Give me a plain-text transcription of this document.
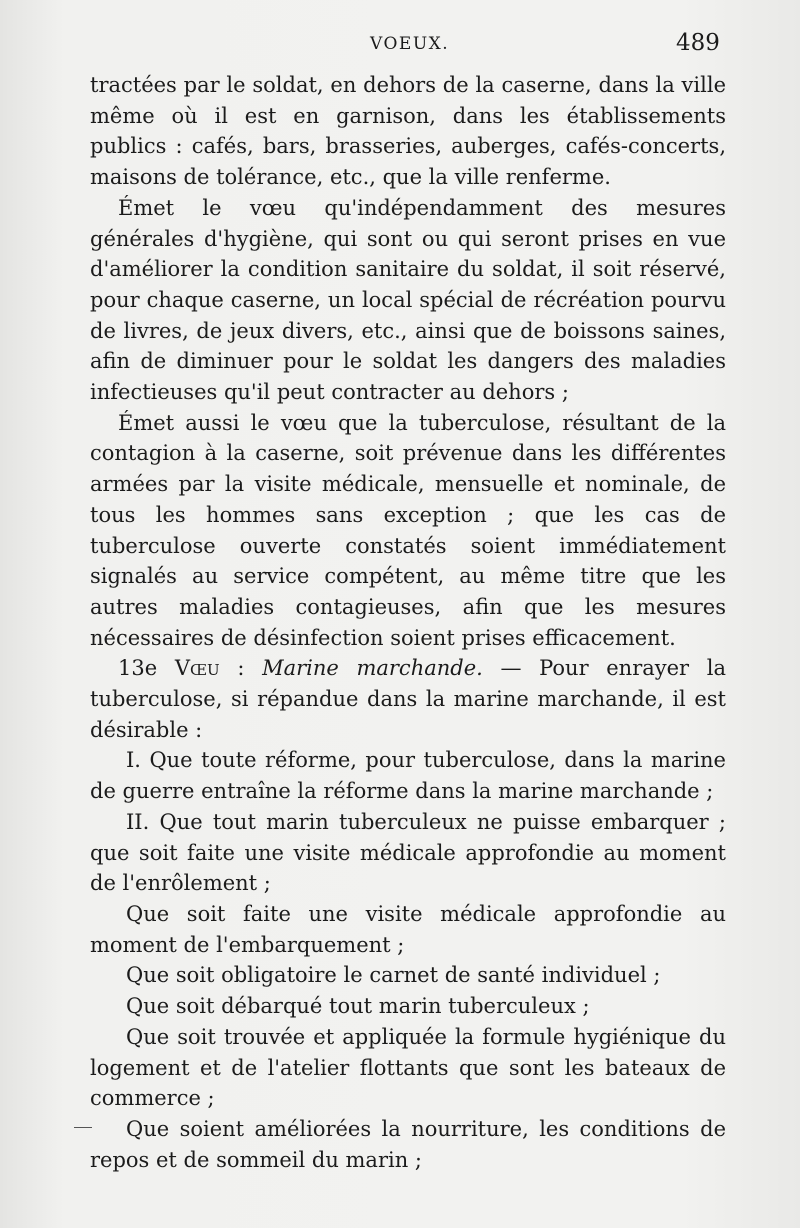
VOEUX.	489

tractées par le soldat, en dehors de la caserne, dans la ville même où il est en garnison, dans les établissements publics : cafés, bars, brasseries, auberges, cafés-concerts, maisons de tolérance, etc., que la ville renferme.

Émet le vœu qu'indépendamment des mesures générales d'hygiène, qui sont ou qui seront prises en vue d'améliorer la condition sanitaire du soldat, il soit réservé, pour chaque caserne, un local spécial de récréation pourvu de livres, de jeux divers, etc., ainsi que de boissons saines, afin de diminuer pour le soldat les dangers des maladies infectieuses qu'il peut contracter au dehors ;

Émet aussi le vœu que la tuberculose, résultant de la contagion à la caserne, soit prévenue dans les différentes armées par la visite médicale, mensuelle et nominale, de tous les hommes sans exception ; que les cas de tuberculose ouverte constatés soient immédiatement signalés au service compétent, au même titre que les autres maladies contagieuses, afin que les mesures nécessaires de désinfection soient prises efficacement.

13e Vœu : Marine marchande. — Pour enrayer la tuberculose, si répandue dans la marine marchande, il est désirable :

I. Que toute réforme, pour tuberculose, dans la marine de guerre entraîne la réforme dans la marine marchande ;

II. Que tout marin tuberculeux ne puisse embarquer ; que soit faite une visite médicale approfondie au moment de l'enrôlement ;

Que soit faite une visite médicale approfondie au moment de l'embarquement ;

Que soit obligatoire le carnet de santé individuel ;

Que soit débarqué tout marin tuberculeux ;

Que soit trouvée et appliquée la formule hygiénique du logement et de l'atelier flottants que sont les bateaux de commerce ;

Que soient améliorées la nourriture, les conditions de repos et de sommeil du marin ;
